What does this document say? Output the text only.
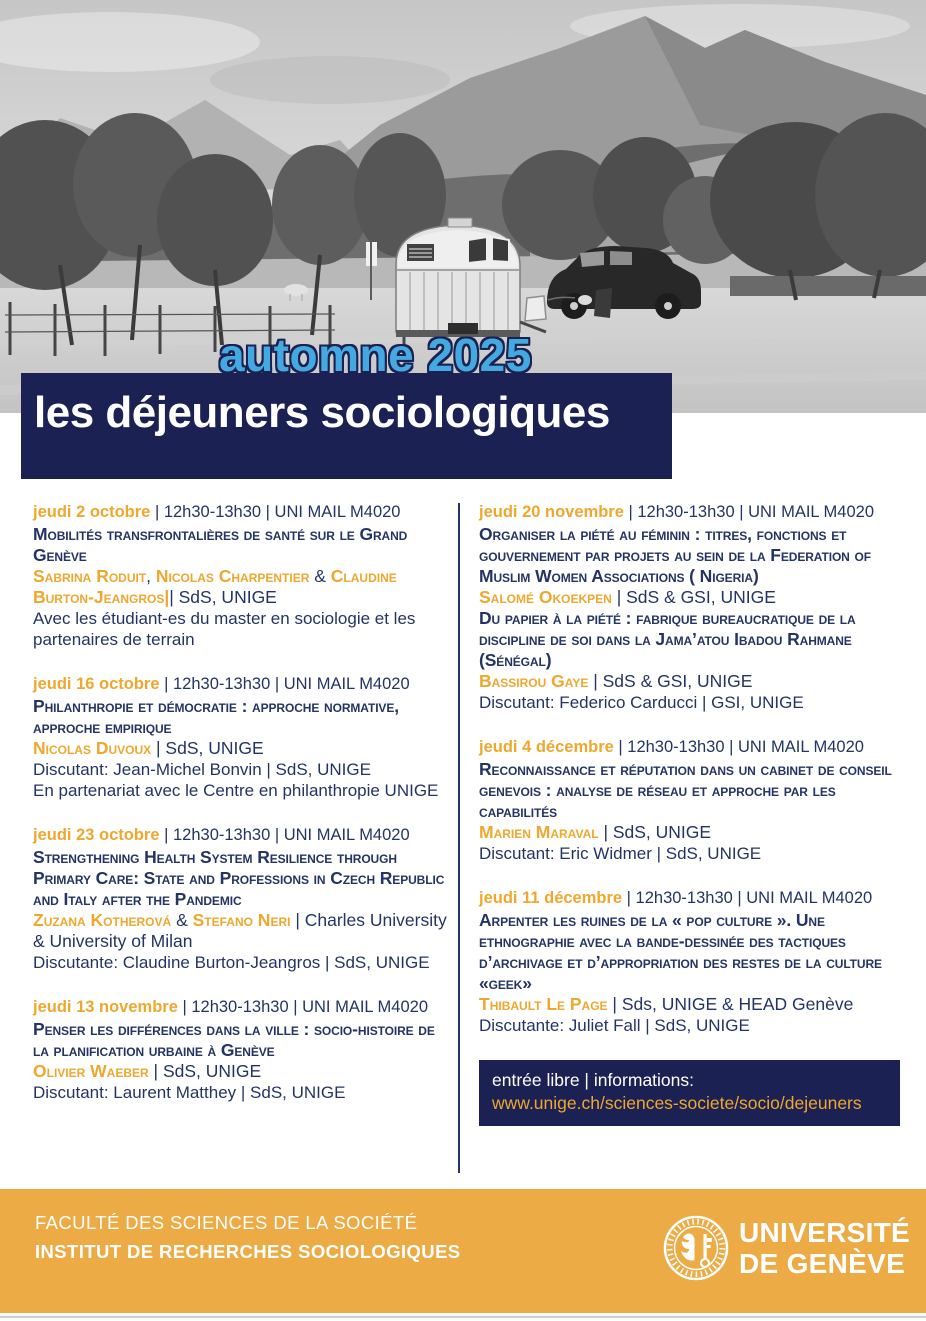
automne 2025

les déjeuners sociologiques

jeudi 2 octobre | 12h30-13h30 | UNI MAIL M4020

Mobilités transfrontalières de santé sur le Grand Genève

Sabrina Roduit, Nicolas Charpentier & Claudine Burton-Jeangros|| SdS, UNIGE

Avec les étudiant-es du master en sociologie et les partenaires de terrain

jeudi 16 octobre | 12h30-13h30 | UNI MAIL M4020

Philanthropie et démocratie : approche normative, approche empirique

Nicolas Duvoux | SdS, UNIGE

Discutant: Jean-Michel Bonvin | SdS, UNIGE

En partenariat avec le Centre en philanthropie UNIGE

jeudi 23 octobre | 12h30-13h30 | UNI MAIL M4020

Strengthening Health System Resilience through Primary Care: State and Professions in Czech Republic and Italy after the Pandemic

Zuzana Kotherová & Stefano Neri | Charles University & University of Milan

Discutante: Claudine Burton-Jeangros | SdS, UNIGE

jeudi 13 novembre | 12h30-13h30 | UNI MAIL M4020

Penser les différences dans la ville : socio-histoire de la planification urbaine à Genève

Olivier Waeber | SdS, UNIGE

Discutant: Laurent Matthey | SdS, UNIGE

jeudi 20 novembre | 12h30-13h30 | UNI MAIL M4020

Organiser la piété au féminin : titres, fonctions et gouvernement par projets au sein de la Federation of Muslim Women Associations ( Nigeria)

Salomé Okoekpen | SdS & GSI, UNIGE

Du papier à la piété : fabrique bureaucratique de la discipline de soi dans la Jama’atou Ibadou Rahmane (Sénégal)

Bassirou Gaye | SdS & GSI, UNIGE

Discutant: Federico Carducci | GSI, UNIGE

jeudi 4 décembre | 12h30-13h30 | UNI MAIL M4020

Reconnaissance et réputation dans un cabinet de conseil genevois : analyse de réseau et approche par les capabilités

Marien Maraval | SdS, UNIGE

Discutant: Eric Widmer | SdS, UNIGE

jeudi 11 décembre | 12h30-13h30 | UNI MAIL M4020

Arpenter les ruines de la « pop culture ». Une ethnographie avec la bande-dessinée des tactiques d’archivage et d’appropriation des restes de la culture «geek»

Thibault Le Page | Sds, UNIGE & HEAD Genève

Discutante: Juliet Fall | SdS, UNIGE

entrée libre | informations:

www.unige.ch/sciences-societe/socio/dejeuners

FACULTÉ DES SCIENCES DE LA SOCIÉTÉ

INSTITUT DE RECHERCHES SOCIOLOGIQUES

UNIVERSITÉ

DE GENÈVE
